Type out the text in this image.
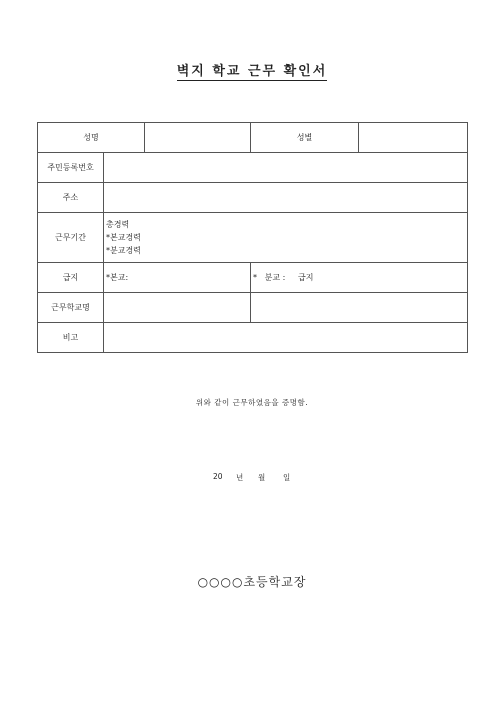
벽지 학교 근무 확인서
성명			성별	
주민등록번호				
주소				
근무기간	총경력
*본교경력
*분교경력			

급지	*본교:		*   분교 :     급지	
근무학교명				
비고				
위와 같이 근무하였음을 증명함.
20 년 월 일
○○○○초등학교장
